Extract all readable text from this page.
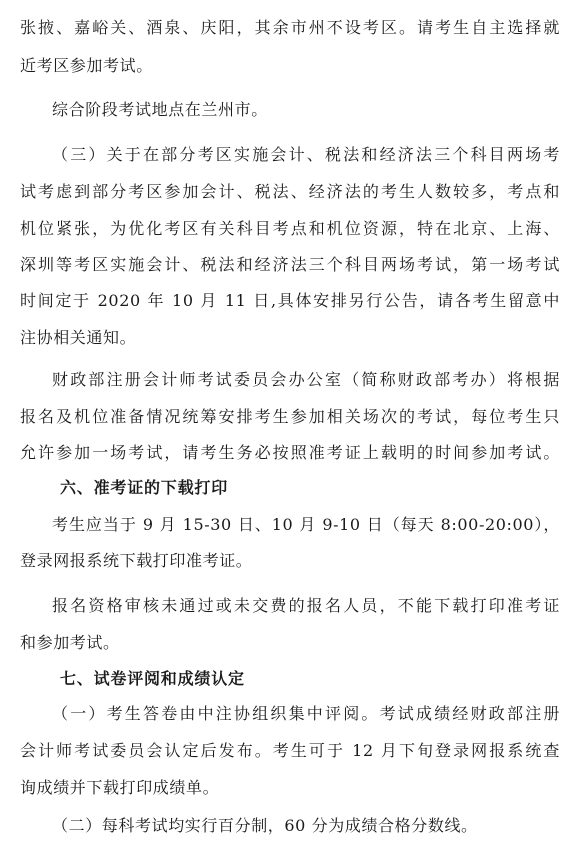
张掖、嘉峪关、酒泉、庆阳，其余市州不设考区。请考生自主选择就
近考区参加考试。
综合阶段考试地点在兰州市。
（三）关于在部分考区实施会计、税法和经济法三个科目两场考
试考虑到部分考区参加会计、税法、经济法的考生人数较多，考点和
机位紧张，为优化考区有关科目考点和机位资源，特在北京、上海、
深圳等考区实施会计、税法和经济法三个科目两场考试，第一场考试
时间定于 2020 年 10 月 11 日,具体安排另行公告，请各考生留意中
注协相关通知。
财政部注册会计师考试委员会办公室（简称财政部考办）将根据
报名及机位准备情况统筹安排考生参加相关场次的考试，每位考生只
允许参加一场考试，请考生务必按照准考证上载明的时间参加考试。
六、准考证的下载打印
考生应当于 9 月 15-30 日、10 月 9-10 日（每天 8:00-20:00），
登录网报系统下载打印准考证。
报名资格审核未通过或未交费的报名人员，不能下载打印准考证
和参加考试。
七、试卷评阅和成绩认定
（一）考生答卷由中注协组织集中评阅。考试成绩经财政部注册
会计师考试委员会认定后发布。考生可于 12 月下旬登录网报系统查
询成绩并下载打印成绩单。
（二）每科考试均实行百分制，60 分为成绩合格分数线。
